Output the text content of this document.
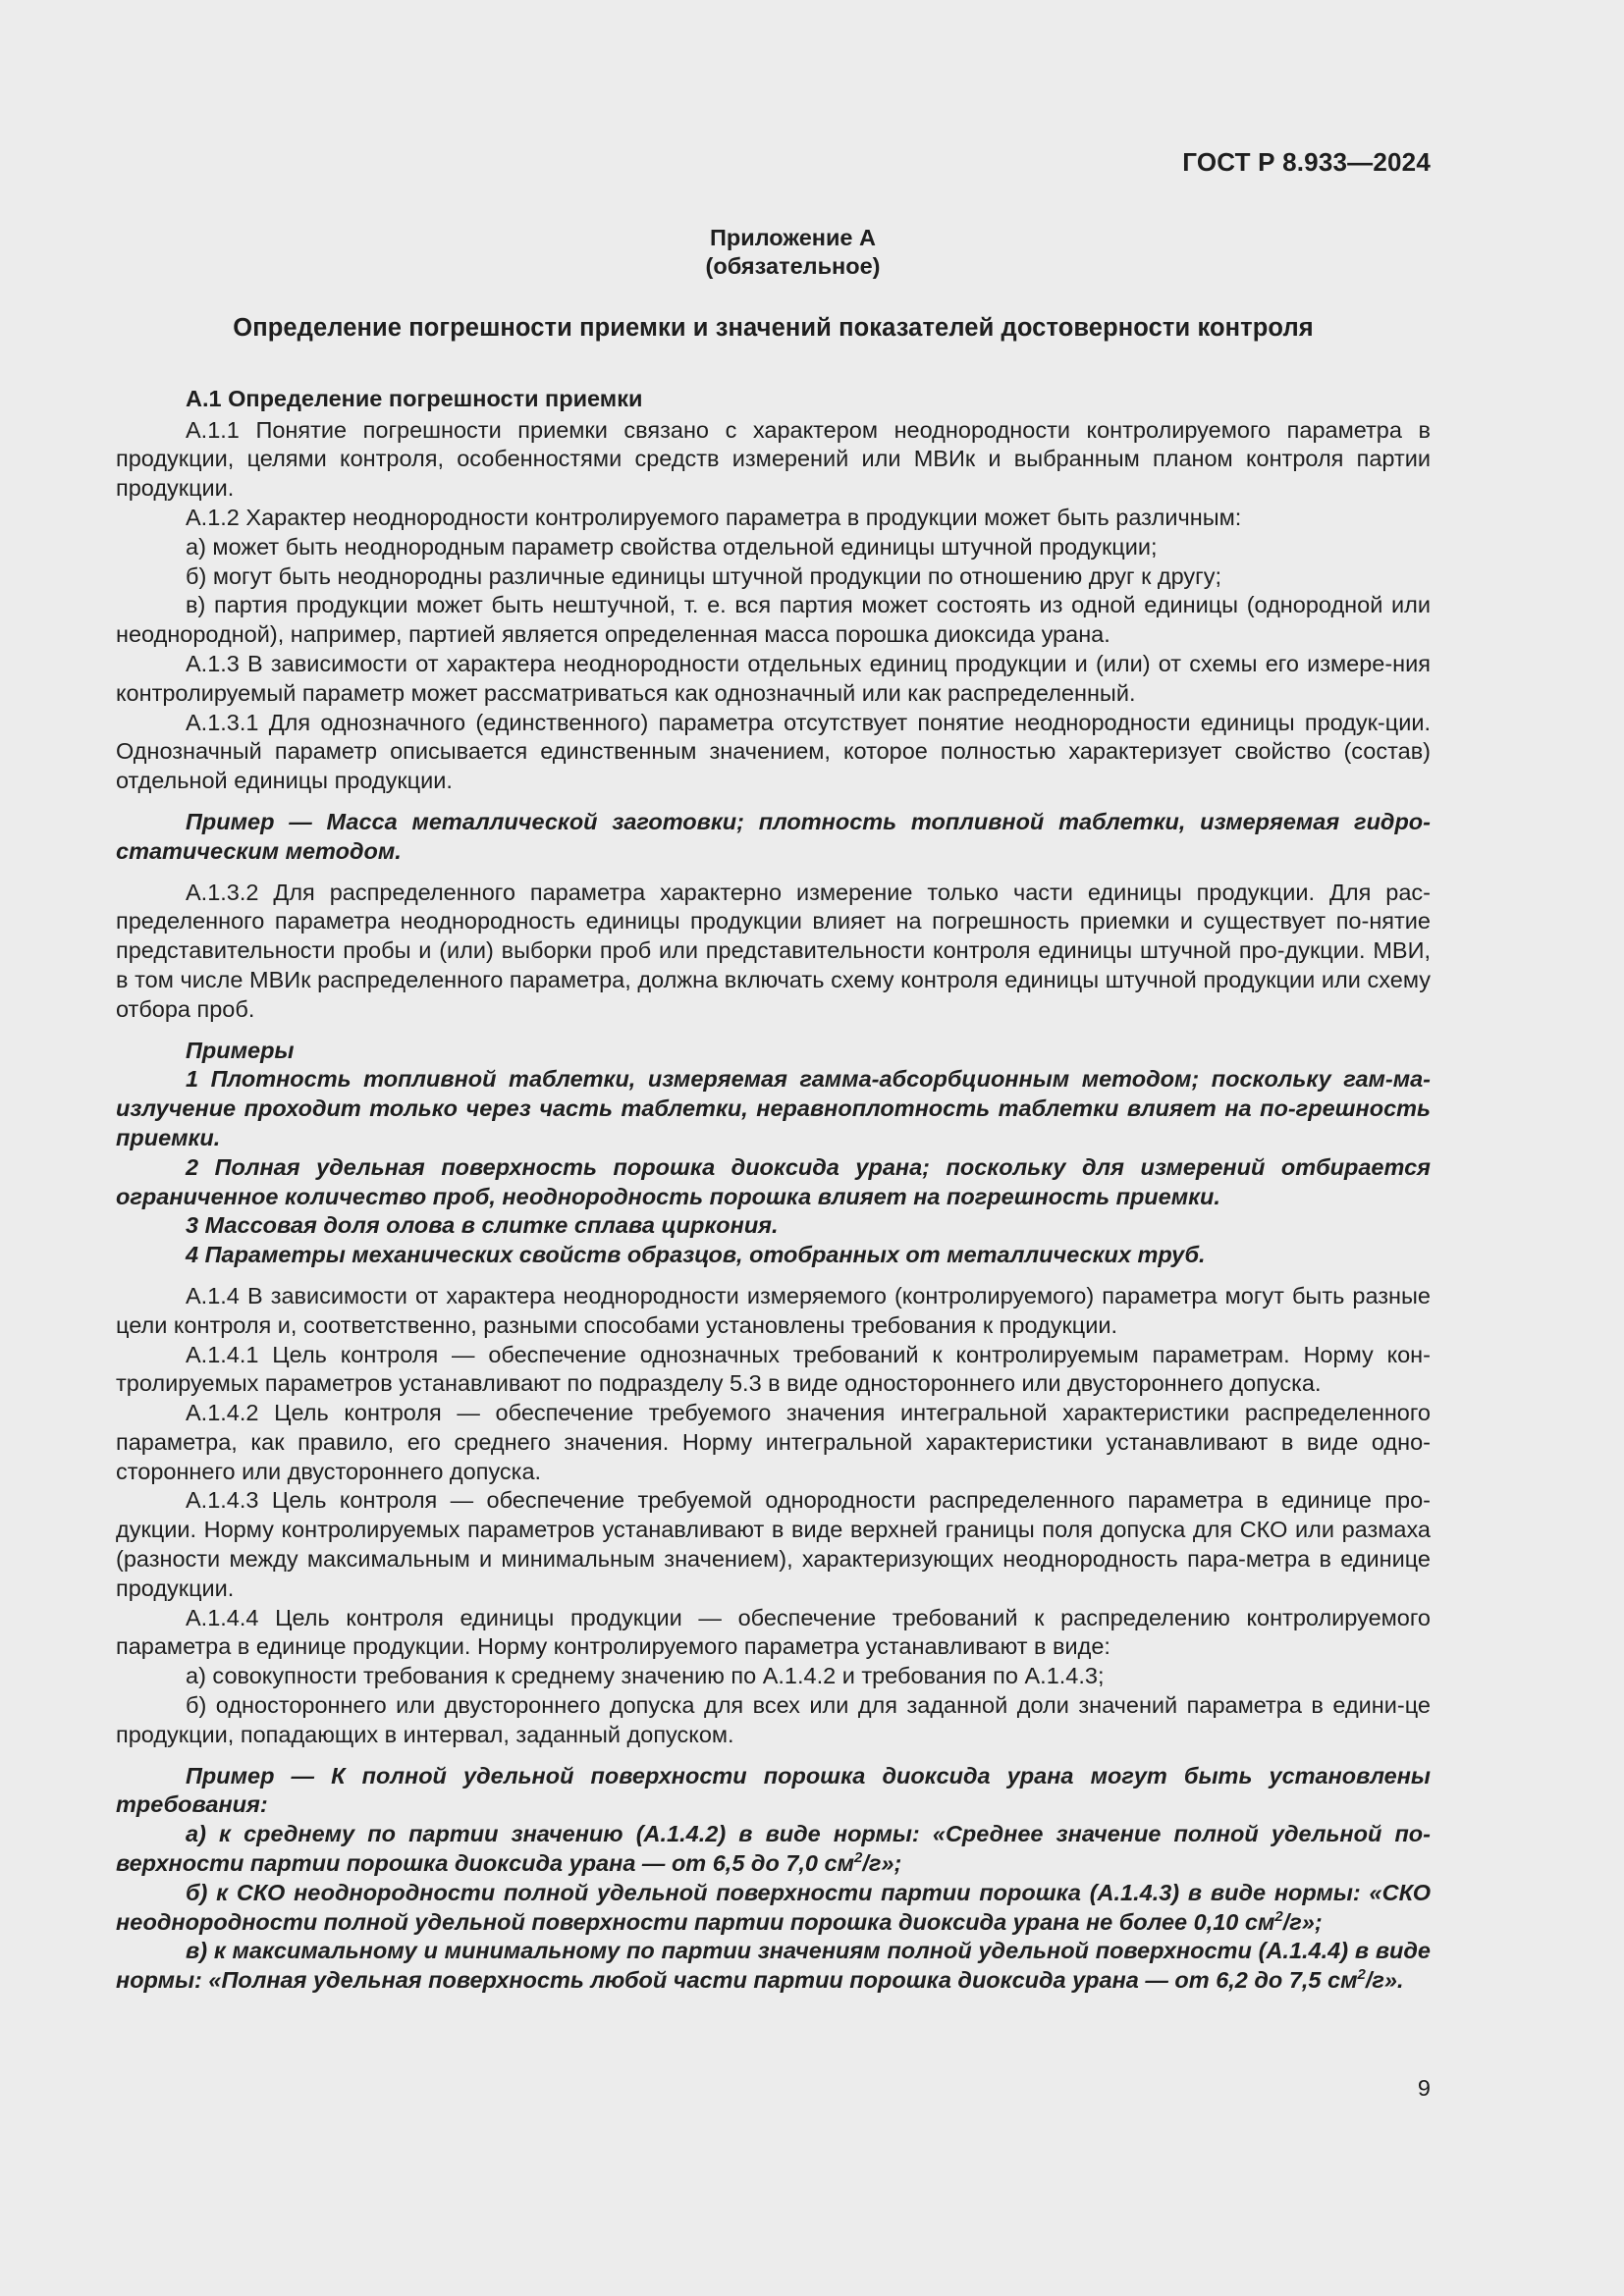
ГОСТ Р 8.933—2024
Приложение А
(обязательное)
Определение погрешности приемки и значений показателей достоверности контроля
А.1 Определение погрешности приемки

А.1.1 Понятие погрешности приемки связано с характером неоднородности контролируемого параметра в продукции, целями контроля, особенностями средств измерений или МВИк и выбранным планом контроля партии продукции.

А.1.2 Характер неоднородности контролируемого параметра в продукции может быть различным:

а) может быть неоднородным параметр свойства отдельной единицы штучной продукции;

б) могут быть неоднородны различные единицы штучной продукции по отношению друг к другу;

в) партия продукции может быть нештучной, т. е. вся партия может состоять из одной единицы (однородной или неоднородной), например, партией является определенная масса порошка диоксида урана.

А.1.3 В зависимости от характера неоднородности отдельных единиц продукции и (или) от схемы его измере-ния контролируемый параметр может рассматриваться как однозначный или как распределенный.

А.1.3.1 Для однозначного (единственного) параметра отсутствует понятие неоднородности единицы продук-ции. Однозначный параметр описывается единственным значением, которое полностью характеризует свойство (состав) отдельной единицы продукции.

Пример — Масса металлической заготовки; плотность топливной таблетки, измеряемая гидро-статическим методом.

А.1.3.2 Для распределенного параметра характерно измерение только части единицы продукции. Для рас-пределенного параметра неоднородность единицы продукции влияет на погрешность приемки и существует по-нятие представительности пробы и (или) выборки проб или представительности контроля единицы штучной про-дукции. МВИ, в том числе МВИк распределенного параметра, должна включать схему контроля единицы штучной продукции или схему отбора проб.

Примеры

1 Плотность топливной таблетки, измеряемая гамма-абсорбционным методом; поскольку гам-ма-излучение проходит только через часть таблетки, неравноплотность таблетки влияет на по-грешность приемки.

2 Полная удельная поверхность порошка диоксида урана; поскольку для измерений отбирается ограниченное количество проб, неоднородность порошка влияет на погрешность приемки.

3 Массовая доля олова в слитке сплава циркония.

4 Параметры механических свойств образцов, отобранных от металлических труб.

А.1.4 В зависимости от характера неоднородности измеряемого (контролируемого) параметра могут быть разные цели контроля и, соответственно, разными способами установлены требования к продукции.

А.1.4.1 Цель контроля — обеспечение однозначных требований к контролируемым параметрам. Норму кон-тролируемых параметров устанавливают по подразделу 5.3 в виде одностороннего или двустороннего допуска.

А.1.4.2 Цель контроля — обеспечение требуемого значения интегральной характеристики распределенного параметра, как правило, его среднего значения. Норму интегральной характеристики устанавливают в виде одно-стороннего или двустороннего допуска.

А.1.4.3 Цель контроля — обеспечение требуемой однородности распределенного параметра в единице про-дукции. Норму контролируемых параметров устанавливают в виде верхней границы поля допуска для СКО или размаха (разности между максимальным и минимальным значением), характеризующих неоднородность пара-метра в единице продукции.

А.1.4.4 Цель контроля единицы продукции — обеспечение требований к распределению контролируемого параметра в единице продукции. Норму контролируемого параметра устанавливают в виде:

а) совокупности требования к среднему значению по А.1.4.2 и требования по А.1.4.3;

б) одностороннего или двустороннего допуска для всех или для заданной доли значений параметра в едини-це продукции, попадающих в интервал, заданный допуском.

Пример — К полной удельной поверхности порошка диоксида урана могут быть установлены требования:

а) к среднему по партии значению (А.1.4.2) в виде нормы: «Среднее значение полной удельной по-верхности партии порошка диоксида урана — от 6,5 до 7,0 $см^2/г$»;

б) к СКО неоднородности полной удельной поверхности партии порошка (А.1.4.3) в виде нормы: «СКО неоднородности полной удельной поверхности партии порошка диоксида урана не более 0,10 $см^2/г$»;

в) к максимальному и минимальному по партии значениям полной удельной поверхности (А.1.4.4) в виде нормы: «Полная удельная поверхность любой части партии порошка диоксида урана — от 6,2 до 7,5 $см^2/г$».

9
